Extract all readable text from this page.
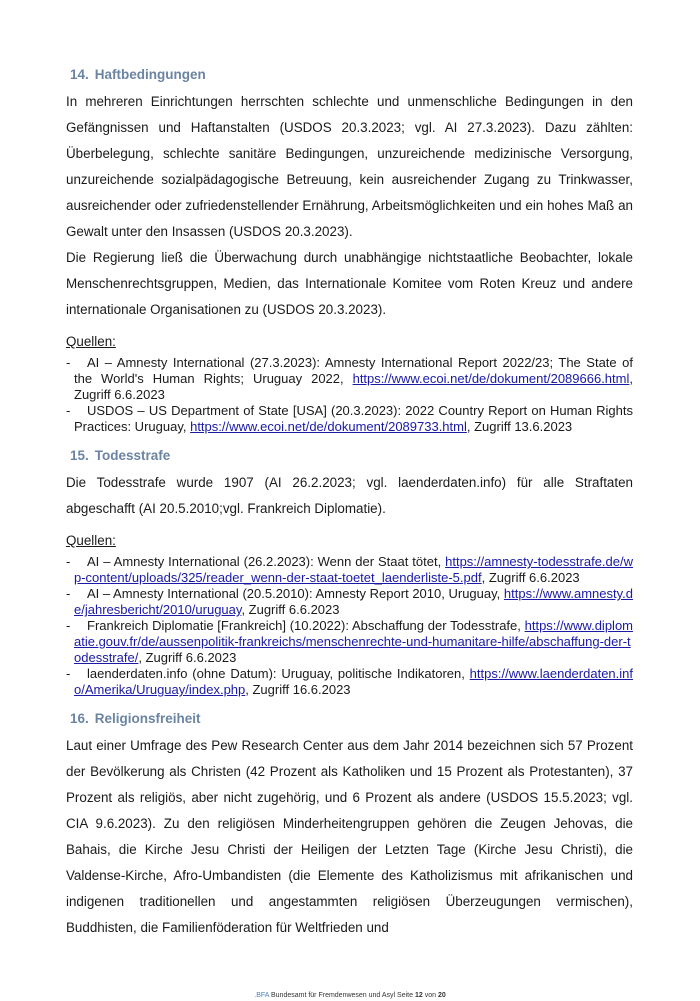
14. Haftbedingungen

In mehreren Einrichtungen herrschten schlechte und unmenschliche Bedingungen in den Gefängnissen und Haftanstalten (USDOS 20.3.2023; vgl. AI 27.3.2023). Dazu zählten: Überbelegung, schlechte sanitäre Bedingungen, unzureichende medizinische Versorgung, unzureichende sozialpädagogische Betreuung, kein ausreichender Zugang zu Trinkwasser, ausreichender oder zufriedenstellender Ernährung, Arbeitsmöglichkeiten und ein hohes Maß an Gewalt unter den Insassen (USDOS 20.3.2023).

Die Regierung ließ die Überwachung durch unabhängige nichtstaatliche Beobachter, lokale Menschenrechtsgruppen, Medien, das Internationale Komitee vom Roten Kreuz und andere internationale Organisationen zu (USDOS 20.3.2023).

Quellen:
- AI – Amnesty International (27.3.2023): Amnesty International Report 2022/23; The State of the World's Human Rights; Uruguay 2022, https://www.ecoi.net/de/dokument/2089666.html, Zugriff 6.6.2023
- USDOS – US Department of State [USA] (20.3.2023): 2022 Country Report on Human Rights Practices: Uruguay, https://www.ecoi.net/de/dokument/2089733.html, Zugriff 13.6.2023
15. Todesstrafe

Die Todesstrafe wurde 1907 (AI 26.2.2023; vgl. laenderdaten.info) für alle Straftaten abgeschafft (AI 20.5.2010;vgl. Frankreich Diplomatie).

Quellen:
- AI – Amnesty International (26.2.2023): Wenn der Staat tötet, https://amnesty-todesstrafe.de/wp-content/uploads/325/reader_wenn-der-staat-toetet_laenderliste-5.pdf, Zugriff 6.6.2023
- AI – Amnesty International (20.5.2010): Amnesty Report 2010, Uruguay, https://www.amnesty.de/jahresbericht/2010/uruguay, Zugriff 6.6.2023
- Frankreich Diplomatie [Frankreich] (10.2022): Abschaffung der Todesstrafe, https://www.diplomatie.gouv.fr/de/aussenpolitik-frankreichs/menschenrechte-und-humanitare-hilfe/abschaffung-der-todesstrafe/, Zugriff 6.6.2023
- laenderdaten.info (ohne Datum): Uruguay, politische Indikatoren, https://www.laenderdaten.info/Amerika/Uruguay/index.php, Zugriff 16.6.2023
16. Religionsfreiheit

Laut einer Umfrage des Pew Research Center aus dem Jahr 2014 bezeichnen sich 57 Prozent der Bevölkerung als Christen (42 Prozent als Katholiken und 15 Prozent als Protestanten), 37 Prozent als religiös, aber nicht zugehörig, und 6 Prozent als andere (USDOS 15.5.2023; vgl. CIA 9.6.2023). Zu den religiösen Minderheitengruppen gehören die Zeugen Jehovas, die Bahais, die Kirche Jesu Christi der Heiligen der Letzten Tage (Kirche Jesu Christi), die Valdense-Kirche, Afro-Umbandisten (die Elemente des Katholizismus mit afrikanischen und indigenen traditionellen und angestammten religiösen Überzeugungen vermischen), Buddhisten, die Familienföderation für Weltfrieden und

.BFA Bundesamt für Fremdenwesen und Asyl Seite 12 von 20
